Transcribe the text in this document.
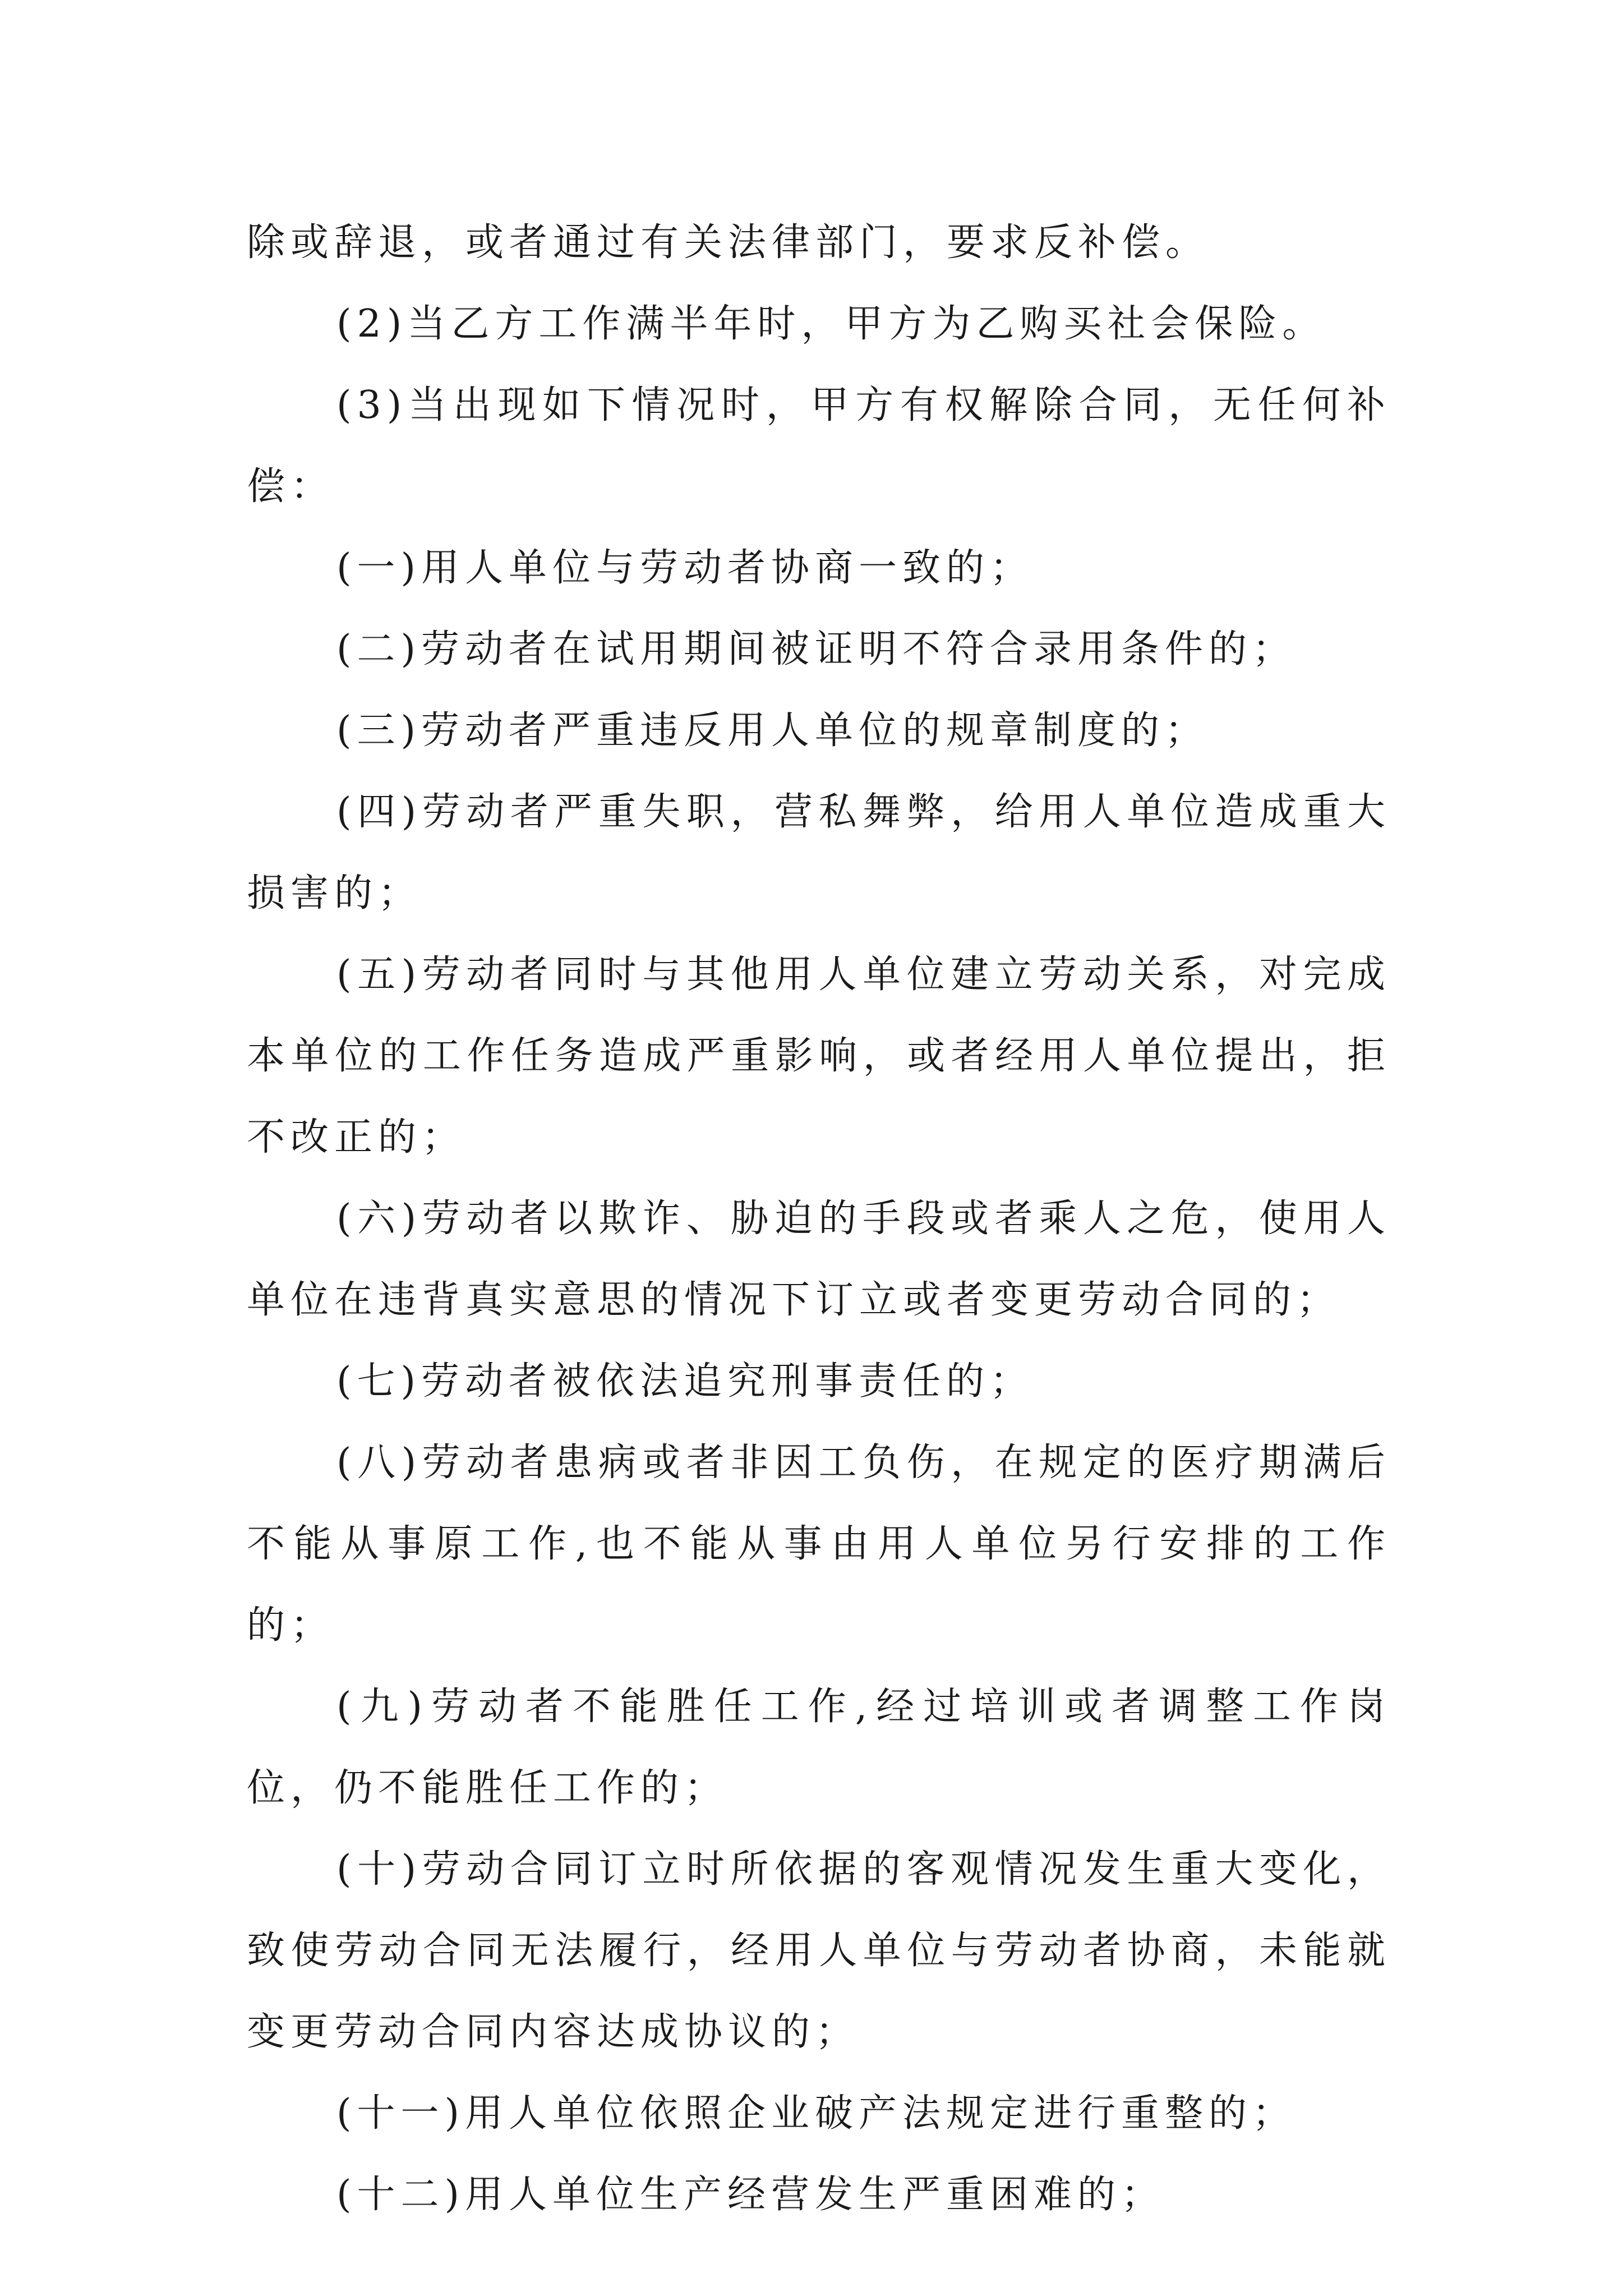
除或辞退，或者通过有关法律部门，要求反补偿。

(2)当乙方工作满半年时，甲方为乙购买社会保险。

(3)当出现如下情况时，甲方有权解除合同，无任何补偿：

(一)用人单位与劳动者协商一致的；

(二)劳动者在试用期间被证明不符合录用条件的；

(三)劳动者严重违反用人单位的规章制度的；

(四)劳动者严重失职，营私舞弊，给用人单位造成重大损害的；

(五)劳动者同时与其他用人单位建立劳动关系，对完成本单位的工作任务造成严重影响，或者经用人单位提出，拒不改正的；

(六)劳动者以欺诈、胁迫的手段或者乘人之危，使用人单位在违背真实意思的情况下订立或者变更劳动合同的；

(七)劳动者被依法追究刑事责任的；

(八)劳动者患病或者非因工负伤，在规定的医疗期满后不能从事原工作,也不能从事由用人单位另行安排的工作的；

(九)劳动者不能胜任工作,经过培训或者调整工作岗位，仍不能胜任工作的；

(十)劳动合同订立时所依据的客观情况发生重大变化，致使劳动合同无法履行，经用人单位与劳动者协商，未能就变更劳动合同内容达成协议的；

(十一)用人单位依照企业破产法规定进行重整的；

(十二)用人单位生产经营发生严重困难的；
